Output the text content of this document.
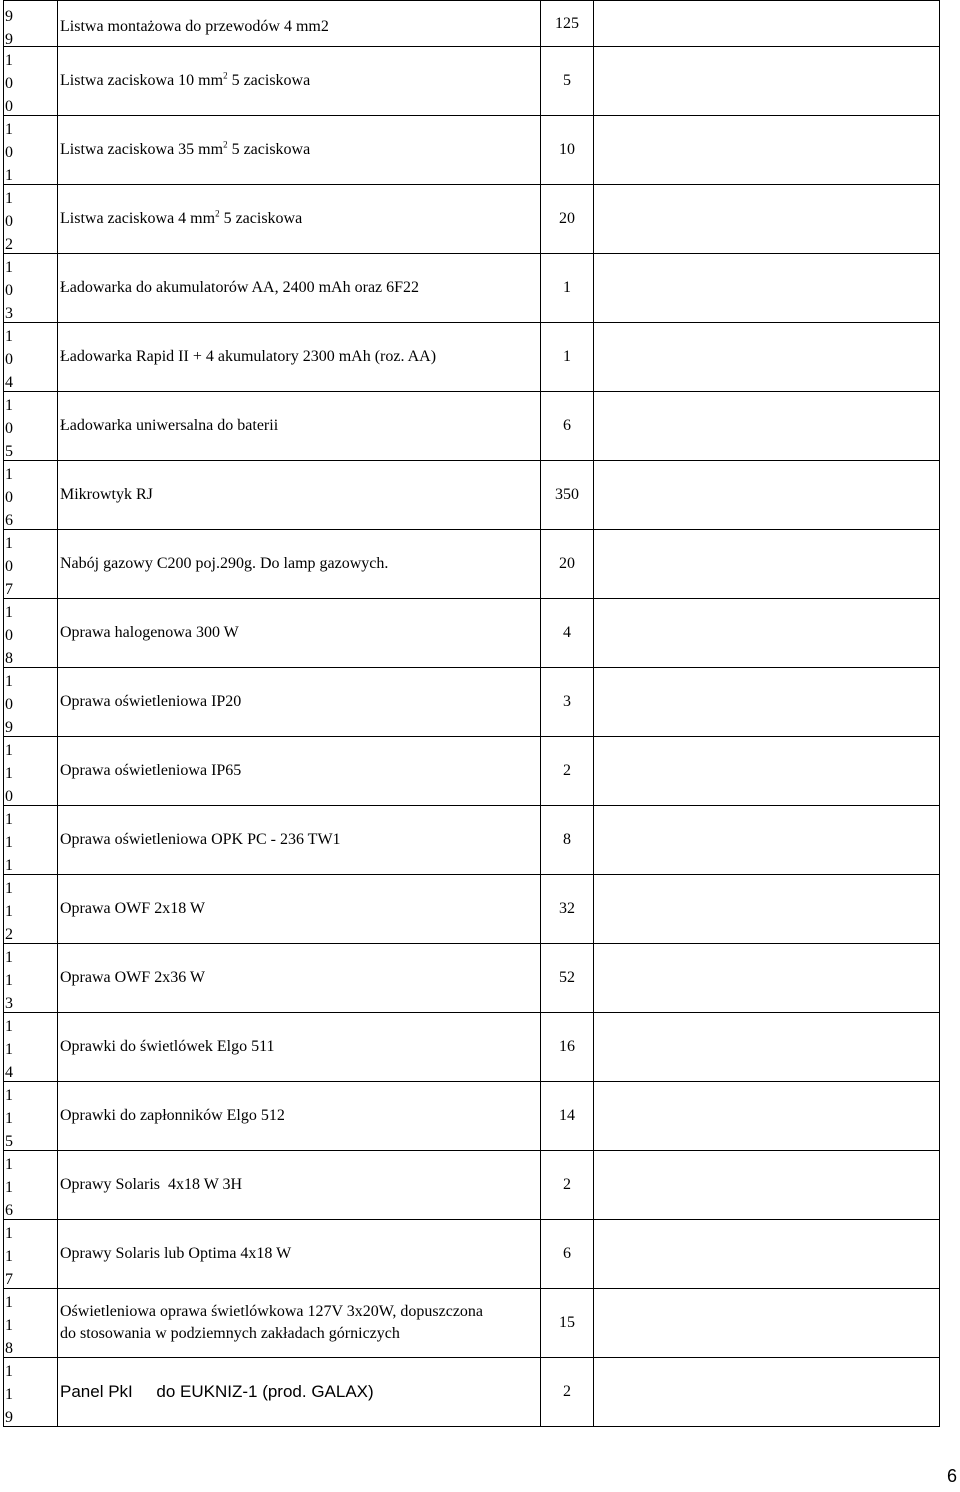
9
9	Listwa montażowa do przewodów 4 mm2	125	

1
0
0	Listwa zaciskowa 10 $mm^2$ 5 zaciskowa	5	

1
0
1	Listwa zaciskowa 35 $mm^2$ 5 zaciskowa	10	

1
0
2	Listwa zaciskowa 4 $mm^2$ 5 zaciskowa	20	

1
0
3	Ładowarka do akumulatorów AA, 2400 mAh oraz 6F22	1	

1
0
4	Ładowarka Rapid II + 4 akumulatory 2300 mAh (roz. AA)	1	

1
0
5	Ładowarka uniwersalna do baterii	6	

1
0
6	Mikrowtyk RJ	350	

1
0
7	Nabój gazowy C200 poj.290g. Do lamp gazowych.	20	

1
0
8	Oprawa halogenowa 300 W	4	

1
0
9	Oprawa oświetleniowa IP20	3	

1
1
0	Oprawa oświetleniowa IP65	2	

1
1
1	Oprawa oświetleniowa OPK PC - 236 TW1	8	

1
1
2	Oprawa OWF 2x18 W	32	

1
1
3	Oprawa OWF 2x36 W	52	

1
1
4	Oprawki do świetlówek Elgo 511	16	

1
1
5	Oprawki do zapłonników Elgo 512	14	

1
1
6	Oprawy Solaris  4x18 W 3H	2	

1
1
7	Oprawy Solaris lub Optima 4x18 W	6	

1
1
8	Oświetleniowa oprawa świetlówkowa 127V 3x20W, dopuszczona
do stosowania w podziemnych zakładach górniczych	15	

1
1
9	Panel PkI     do EUKNIZ-1 (prod. GALAX)	2	
6
